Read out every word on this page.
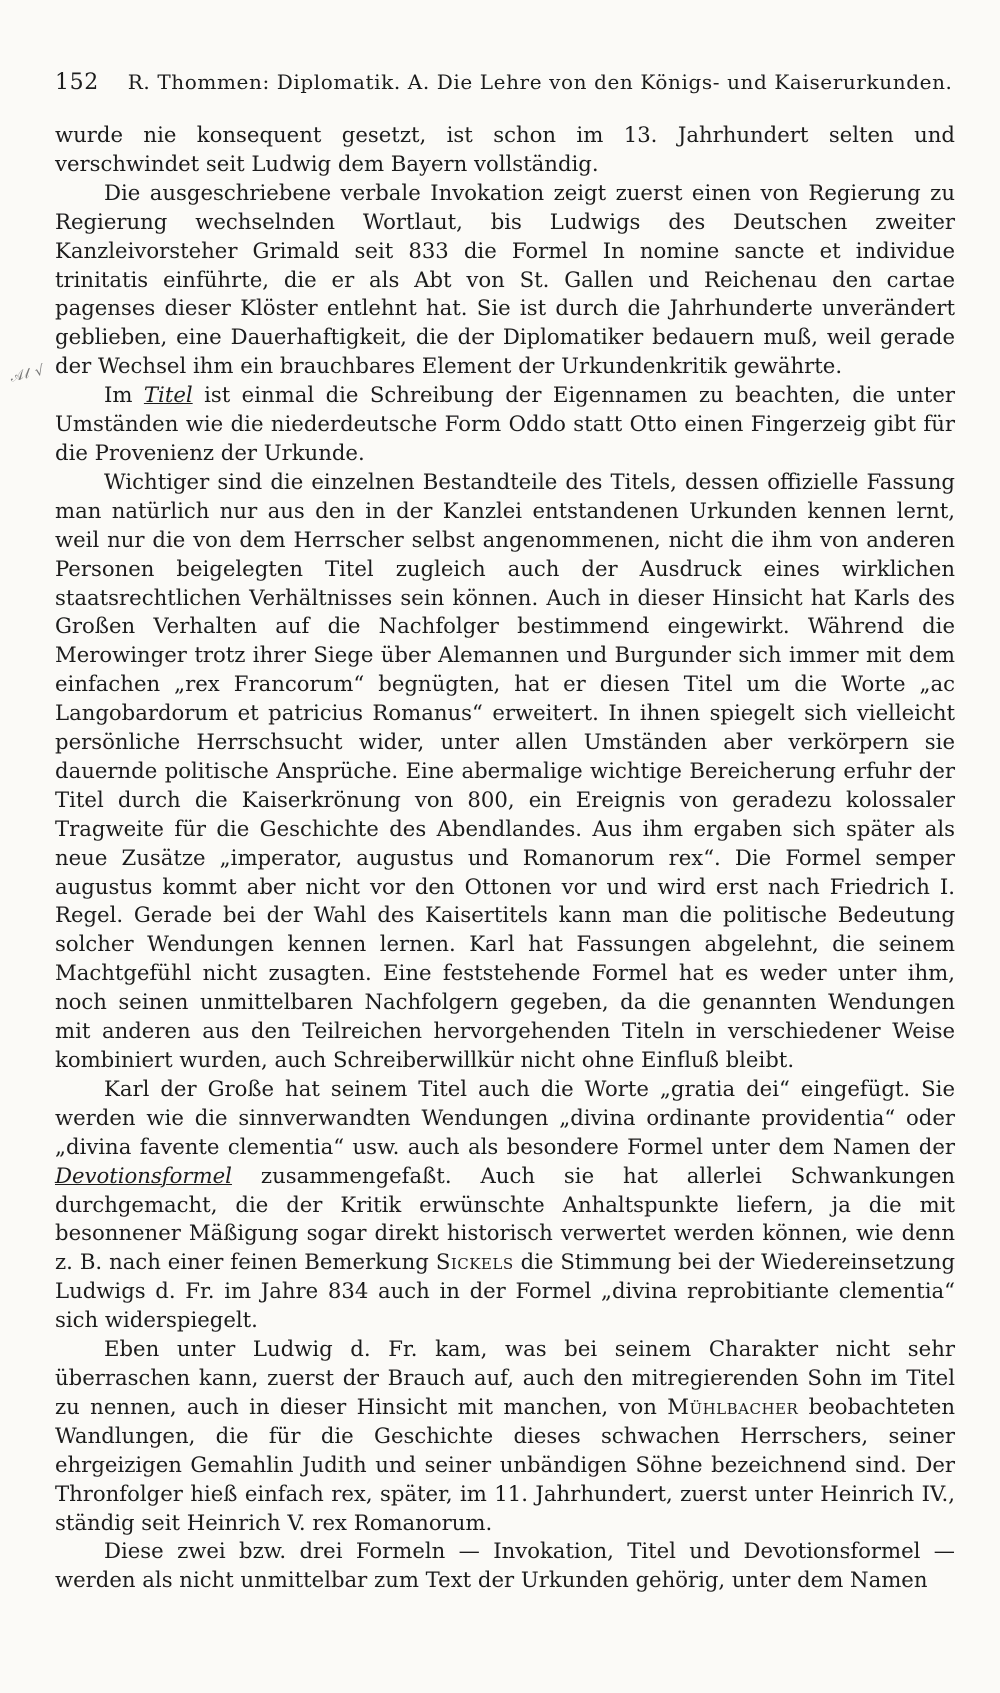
𝒜𝓁 √
152 R. Thommen: Diplomatik. A. Die Lehre von den Königs- und Kaiserurkunden.

wurde nie konsequent gesetzt, ist schon im 13. Jahrhundert selten und verschwindet seit Ludwig dem Bayern vollständig.

Die ausgeschriebene verbale Invokation zeigt zuerst einen von Regierung zu Regierung wechselnden Wortlaut, bis Ludwigs des Deutschen zweiter Kanzleivorsteher Grimald seit 833 die Formel In nomine sancte et individue trinitatis einführte, die er als Abt von St. Gallen und Reichenau den cartae pagenses dieser Klöster entlehnt hat. Sie ist durch die Jahrhunderte unverändert geblieben, eine Dauerhaftigkeit, die der Diplomatiker bedauern muß, weil gerade der Wechsel ihm ein brauchbares Element der Urkundenkritik gewährte.

Im Titel ist einmal die Schreibung der Eigennamen zu beachten, die unter Umständen wie die niederdeutsche Form Oddo statt Otto einen Fingerzeig gibt für die Provenienz der Urkunde.

Wichtiger sind die einzelnen Bestandteile des Titels, dessen offizielle Fassung man natürlich nur aus den in der Kanzlei entstandenen Urkunden kennen lernt, weil nur die von dem Herrscher selbst angenommenen, nicht die ihm von anderen Personen beigelegten Titel zugleich auch der Ausdruck eines wirklichen staatsrechtlichen Verhältnisses sein können. Auch in dieser Hinsicht hat Karls des Großen Verhalten auf die Nachfolger bestimmend eingewirkt. Während die Merowinger trotz ihrer Siege über Alemannen und Burgunder sich immer mit dem einfachen „rex Francorum“ begnügten, hat er diesen Titel um die Worte „ac Langobardorum et patricius Romanus“ erweitert. In ihnen spiegelt sich vielleicht persönliche Herrschsucht wider, unter allen Umständen aber verkörpern sie dauernde politische Ansprüche. Eine abermalige wichtige Bereicherung erfuhr der Titel durch die Kaiserkrönung von 800, ein Ereignis von geradezu kolossaler Tragweite für die Geschichte des Abendlandes. Aus ihm ergaben sich später als neue Zusätze „imperator, augustus und Romanorum rex“. Die Formel semper augustus kommt aber nicht vor den Ottonen vor und wird erst nach Friedrich I. Regel. Gerade bei der Wahl des Kaisertitels kann man die politische Bedeutung solcher Wendungen kennen lernen. Karl hat Fassungen abgelehnt, die seinem Machtgefühl nicht zusagten. Eine feststehende Formel hat es weder unter ihm, noch seinen unmittelbaren Nachfolgern gegeben, da die genannten Wendungen mit anderen aus den Teilreichen hervorgehenden Titeln in verschiedener Weise kombiniert wurden, auch Schreiberwillkür nicht ohne Einfluß bleibt.

Karl der Große hat seinem Titel auch die Worte „gratia dei“ eingefügt. Sie werden wie die sinnverwandten Wendungen „divina ordinante providentia“ oder „divina favente clementia“ usw. auch als besondere Formel unter dem Namen der Devotionsformel zusammengefaßt. Auch sie hat allerlei Schwankungen durchgemacht, die der Kritik erwünschte Anhaltspunkte liefern, ja die mit besonnener Mäßigung sogar direkt historisch verwertet werden können, wie denn z. B. nach einer feinen Bemerkung Sickels die Stimmung bei der Wiedereinsetzung Ludwigs d. Fr. im Jahre 834 auch in der Formel „divina reprobitiante clementia“ sich widerspiegelt.

Eben unter Ludwig d. Fr. kam, was bei seinem Charakter nicht sehr überraschen kann, zuerst der Brauch auf, auch den mitregierenden Sohn im Titel zu nennen, auch in dieser Hinsicht mit manchen, von Mühlbacher beobachteten Wandlungen, die für die Geschichte dieses schwachen Herrschers, seiner ehrgeizigen Gemahlin Judith und seiner unbändigen Söhne bezeichnend sind. Der Thronfolger hieß einfach rex, später, im 11. Jahrhundert, zuerst unter Heinrich IV., ständig seit Heinrich V. rex Romanorum.

Diese zwei bzw. drei Formeln — Invokation, Titel und Devotionsformel — werden als nicht unmittelbar zum Text der Urkunden gehörig, unter dem Namen
